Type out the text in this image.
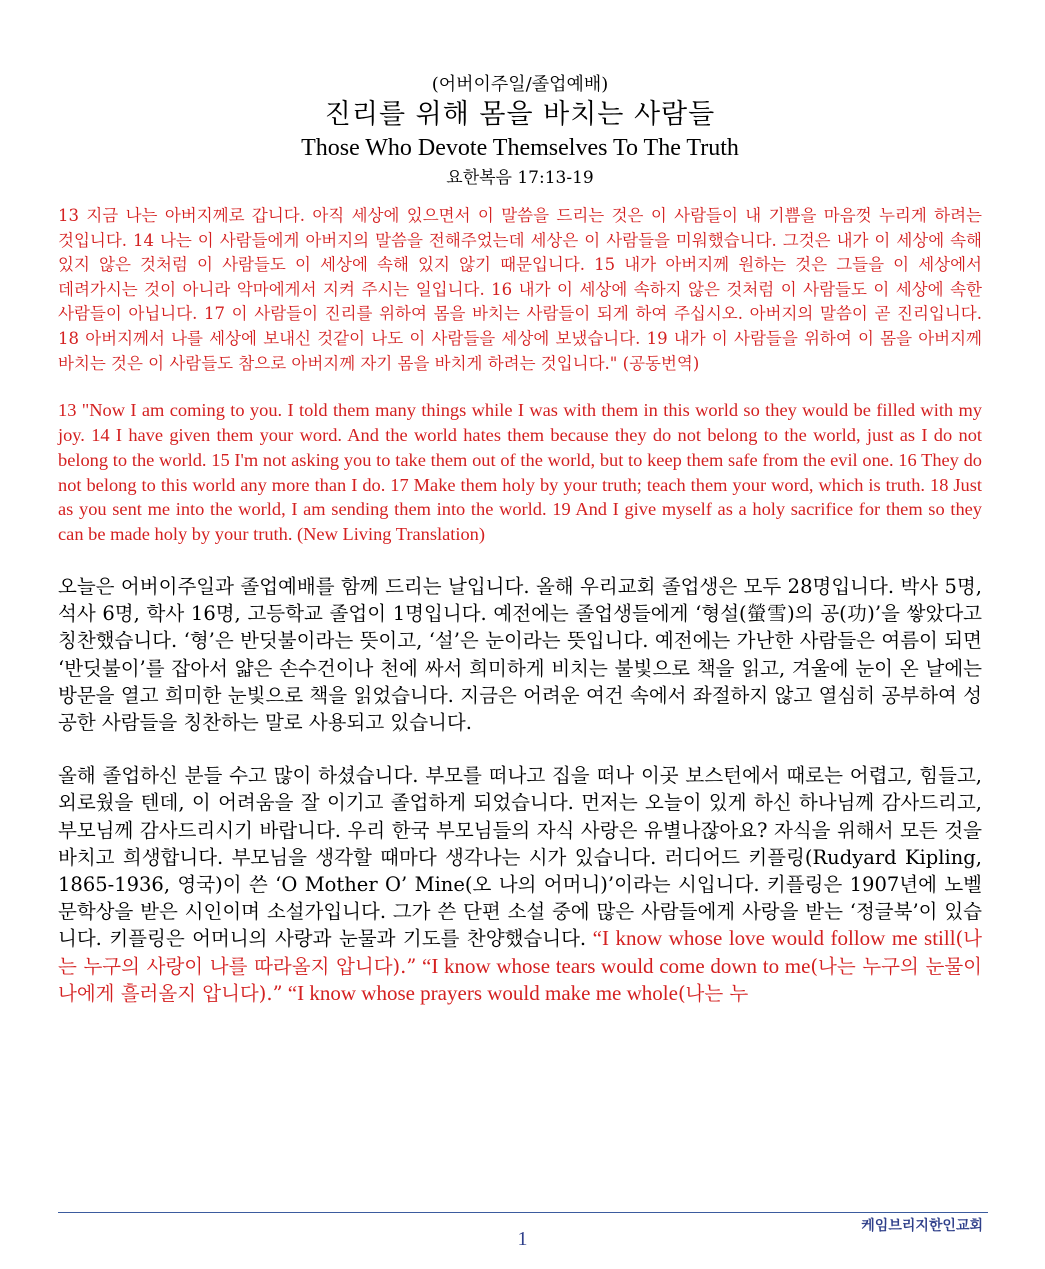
(어버이주일/졸업예배)
진리를 위해 몸을 바치는 사람들
Those Who Devote Themselves To The Truth
요한복음 17:13-19
13 지금 나는 아버지께로 갑니다. 아직 세상에 있으면서 이 말씀을 드리는 것은 이 사람들이 내 기쁨을 마음껏 누리게 하려는 것입니다. 14 나는 이 사람들에게 아버지의 말씀을 전해주었는데 세상은 이 사람들을 미워했습니다. 그것은 내가 이 세상에 속해 있지 않은 것처럼 이 사람들도 이 세상에 속해 있지 않기 때문입니다. 15 내가 아버지께 원하는 것은 그들을 이 세상에서 데려가시는 것이 아니라 악마에게서 지켜 주시는 일입니다. 16 내가 이 세상에 속하지 않은 것처럼 이 사람들도 이 세상에 속한 사람들이 아닙니다. 17 이 사람들이 진리를 위하여 몸을 바치는 사람들이 되게 하여 주십시오. 아버지의 말씀이 곧 진리입니다. 18 아버지께서 나를 세상에 보내신 것같이 나도 이 사람들을 세상에 보냈습니다. 19 내가 이 사람들을 위하여 이 몸을 아버지께 바치는 것은 이 사람들도 참으로 아버지께 자기 몸을 바치게 하려는 것입니다." (공동번역)
13 "Now I am coming to you. I told them many things while I was with them in this world so they would be filled with my joy. 14 I have given them your word. And the world hates them because they do not belong to the world, just as I do not belong to the world. 15 I'm not asking you to take them out of the world, but to keep them safe from the evil one. 16 They do not belong to this world any more than I do. 17 Make them holy by your truth; teach them your word, which is truth. 18 Just as you sent me into the world, I am sending them into the world. 19 And I give myself as a holy sacrifice for them so they can be made holy by your truth. (New Living Translation)
오늘은 어버이주일과 졸업예배를 함께 드리는 날입니다. 올해 우리교회 졸업생은 모두 28명입니다. 박사 5명, 석사 6명, 학사 16명, 고등학교 졸업이 1명입니다. 예전에는 졸업생들에게 ‘형설(螢雪)의 공(功)’을 쌓았다고 칭찬했습니다. ‘형’은 반딧불이라는 뜻이고, ‘설’은 눈이라는 뜻입니다. 예전에는 가난한 사람들은 여름이 되면 ‘반딧불이’를 잡아서 얇은 손수건이나 천에 싸서 희미하게 비치는 불빛으로 책을 읽고, 겨울에 눈이 온 날에는 방문을 열고 희미한 눈빛으로 책을 읽었습니다. 지금은 어려운 여건 속에서 좌절하지 않고 열심히 공부하여 성공한 사람들을 칭찬하는 말로 사용되고 있습니다.
올해 졸업하신 분들 수고 많이 하셨습니다. 부모를 떠나고 집을 떠나 이곳 보스턴에서 때로는 어렵고, 힘들고, 외로웠을 텐데, 이 어려움을 잘 이기고 졸업하게 되었습니다. 먼저는 오늘이 있게 하신 하나님께 감사드리고, 부모님께 감사드리시기 바랍니다. 우리 한국 부모님들의 자식 사랑은 유별나잖아요? 자식을 위해서 모든 것을 바치고 희생합니다. 부모님을 생각할 때마다 생각나는 시가 있습니다. 러디어드 키플링(Rudyard Kipling, 1865-1936, 영국)이 쓴 ‘O Mother O’ Mine(오 나의 어머니)’이라는 시입니다. 키플링은 1907년에 노벨 문학상을 받은 시인이며 소설가입니다. 그가 쓴 단편 소설 중에 많은 사람들에게 사랑을 받는 ‘정글북’이 있습니다. 키플링은 어머니의 사랑과 눈물과 기도를 찬양했습니다. “I know whose love would follow me still(나는 누구의 사랑이 나를 따라올지 압니다).” “I know whose tears would come down to me(나는 누구의 눈물이 나에게 흘러올지 압니다).” “I know whose prayers would make me whole(나는 누
케임브리지한인교회
1
